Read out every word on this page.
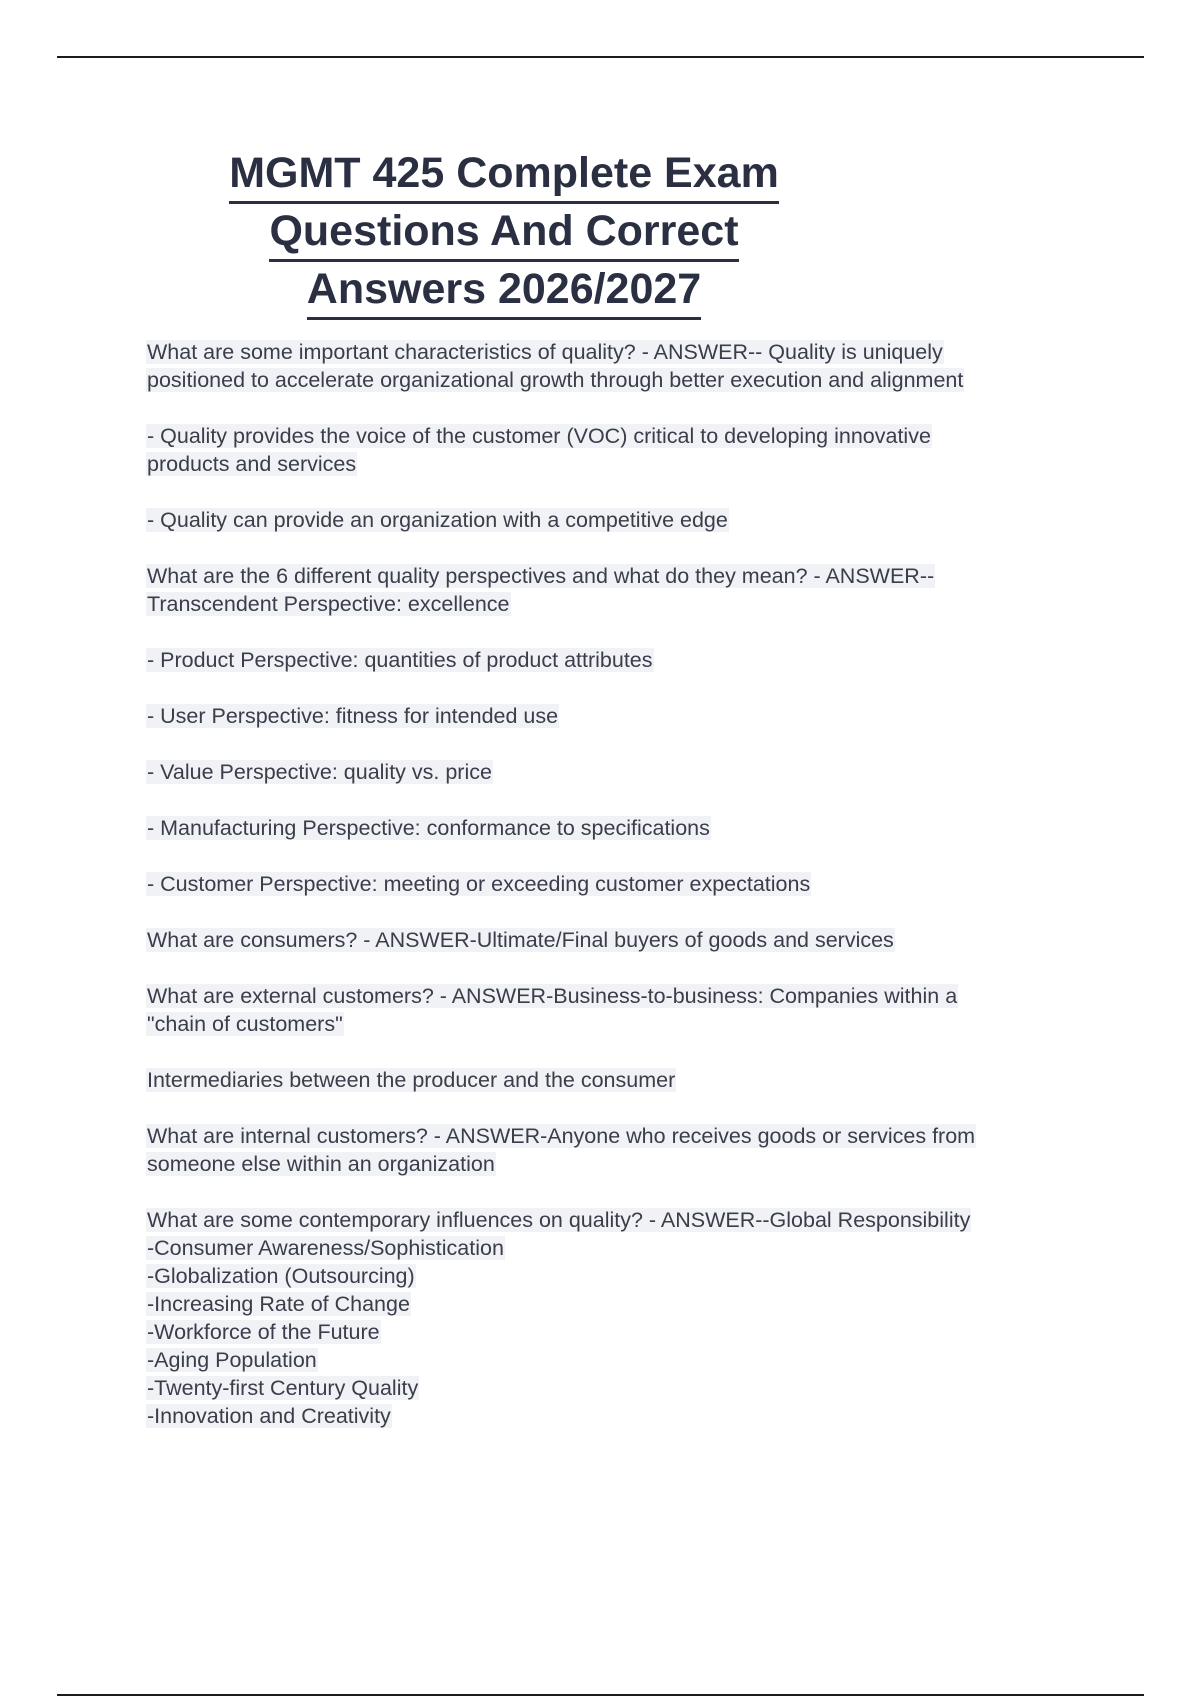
MGMT 425 Complete Exam
Questions And Correct
Answers 2026/2027
What are some important characteristics of quality? - ANSWER-- Quality is uniquely
positioned to accelerate organizational growth through better execution and alignment
- Quality provides the voice of the customer (VOC) critical to developing innovative
products and services
- Quality can provide an organization with a competitive edge
What are the 6 different quality perspectives and what do they mean? - ANSWER--
Transcendent Perspective: excellence
- Product Perspective: quantities of product attributes
- User Perspective: fitness for intended use
- Value Perspective: quality vs. price
- Manufacturing Perspective: conformance to specifications
- Customer Perspective: meeting or exceeding customer expectations
What are consumers? - ANSWER-Ultimate/Final buyers of goods and services
What are external customers? - ANSWER-Business-to-business: Companies within a
"chain of customers"
Intermediaries between the producer and the consumer
What are internal customers? - ANSWER-Anyone who receives goods or services from
someone else within an organization
What are some contemporary influences on quality? - ANSWER--Global Responsibility
-Consumer Awareness/Sophistication
-Globalization (Outsourcing)
-Increasing Rate of Change
-Workforce of the Future
-Aging Population
-Twenty-first Century Quality
-Innovation and Creativity
